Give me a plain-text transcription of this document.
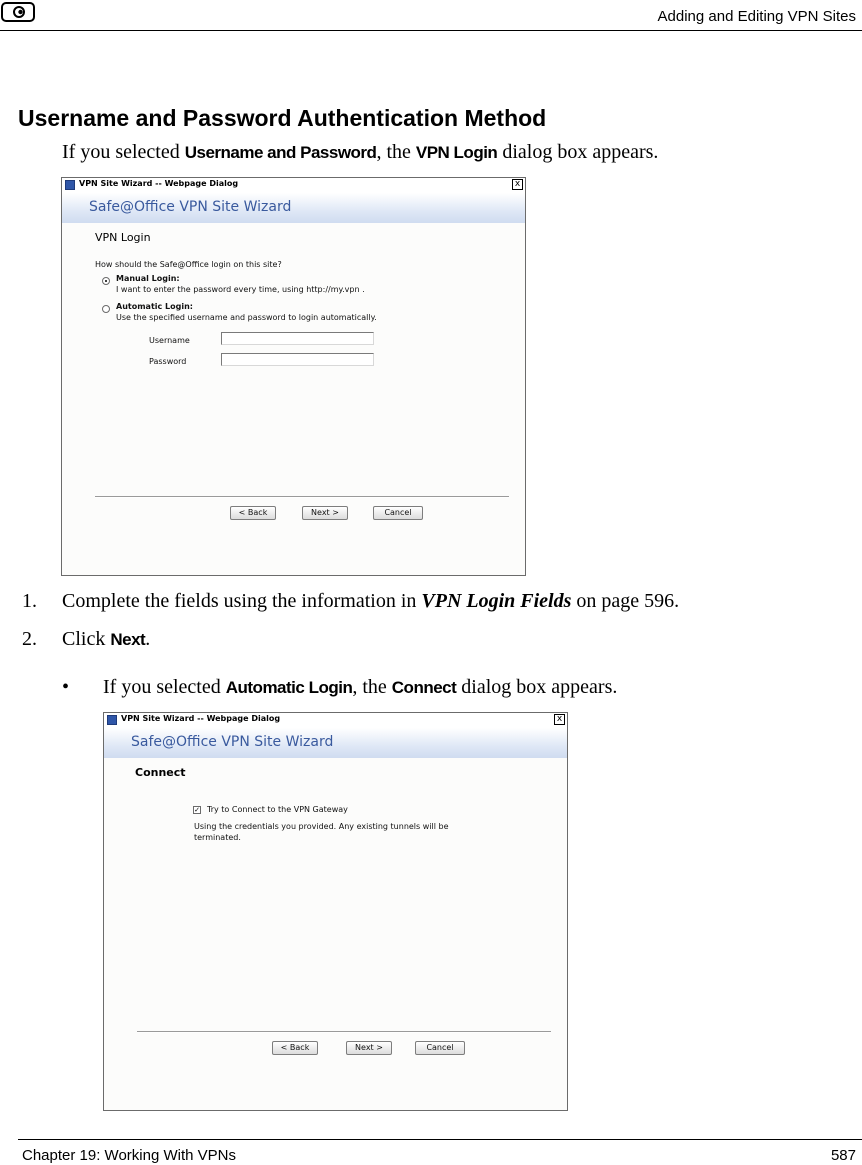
Adding and Editing VPN Sites
Username and Password Authentication Method
If you selected Username and Password, the VPN Login dialog box appears.
VPN Site Wizard -- Webpage Dialog	x
Safe@Office VPN Site Wizard
VPN Login
How should the Safe@Office login on this site?
Manual Login:
I want to enter the password every time, using http://my.vpn .
Automatic Login:
Use the specified username and password to login automatically.
Username
Password
< Back	Next >	Cancel
1. Complete the fields using the information in VPN Login Fields on page 596.
2. Click Next.
• If you selected Automatic Login, the Connect dialog box appears.
VPN Site Wizard -- Webpage Dialog	x
Safe@Office VPN Site Wizard
Connect
✓ Try to Connect to the VPN Gateway
Using the credentials you provided. Any existing tunnels will be
terminated.
< Back	Next >	Cancel
Chapter 19: Working With VPNs	587
